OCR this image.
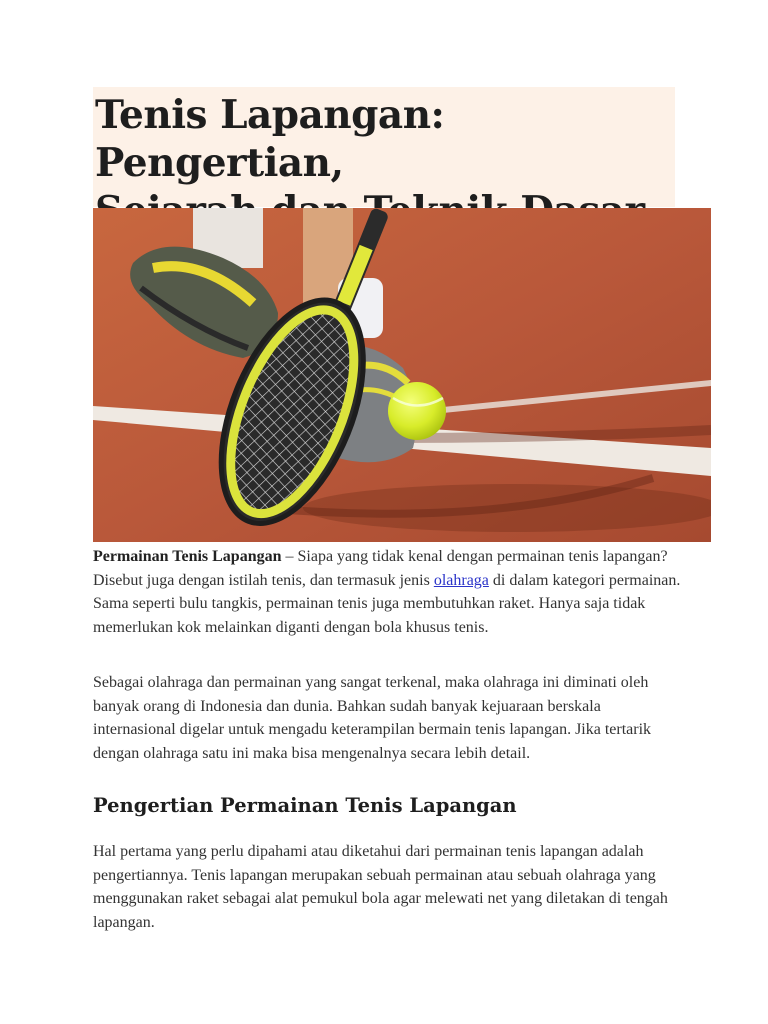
Tenis Lapangan: Pengertian,

Permainan Tenis Lapangan – Siapa yang tidak kenal dengan permainan tenis lapangan? Disebut juga dengan istilah tenis, dan termasuk jenis olahraga di dalam kategori permainan. Sama seperti bulu tangkis, permainan tenis juga membutuhkan raket. Hanya saja tidak memerlukan kok melainkan diganti dengan bola khusus tenis.

Sebagai olahraga dan permainan yang sangat terkenal, maka olahraga ini diminati oleh banyak orang di Indonesia dan dunia. Bahkan sudah banyak kejuaraan berskala internasional digelar untuk mengadu keterampilan bermain tenis lapangan. Jika tertarik dengan olahraga satu ini maka bisa mengenalnya secara lebih detail.

Pengertian Permainan Tenis Lapangan

Hal pertama yang perlu dipahami atau diketahui dari permainan tenis lapangan adalah pengertiannya. Tenis lapangan merupakan sebuah permainan atau sebuah olahraga yang menggunakan raket sebagai alat pemukul bola agar melewati net yang diletakan di tengah lapangan.
